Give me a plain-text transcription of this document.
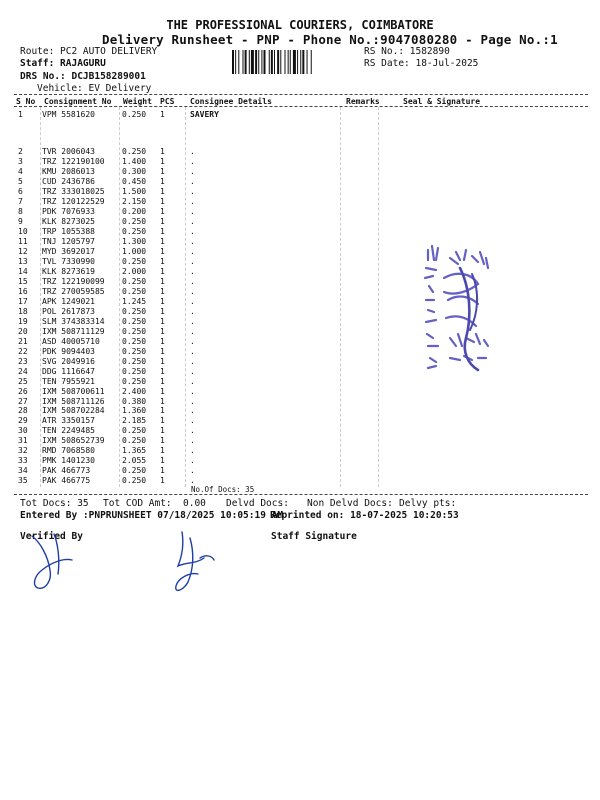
THE PROFESSIONAL COURIERS, COIMBATORE
Delivery Runsheet - PNP - Phone No.:9047080280 - Page No.:1
Route: PC2 AUTO DELIVERY
Staff: RAJAGURU
DRS No.: DCJB158289001
Vehicle: EV Delivery
RS No.: 1582890
RS Date: 18-Jul-2025
S No Consignment No Weight PCS Consignee Details	Remarks	Seal & Signature
1 VPM 5581620	0.250 1	SAVERY
2 TVR 2006043	0.250 1	.
3 TRZ 122190100 1.400 1	.
4 KMU 2086013	0.300 1	.
5 CUD 2436786	0.450 1	.
6 TRZ 333018025 1.500 1	.
7 TRZ 120122529 2.150 1	.
8 PDK 7076933	0.200 1	.
9 KLK 8273025	0.250 1	.
10 TRP 1055388	0.250 1	.
11 TNJ 1205797	1.300 1	.
12 MYD 3692017	1.000 1	.
13 TVL 7330990	0.250 1	.
14 KLK 8273619	2.000 1	.
15 TRZ 122190099 0.250 1	.
16 TRZ 270059585 0.250 1	.
17 APK 1249021	1.245 1	.
18 POL 2617873	0.250 1	.
19 SLM 374383314 0.250 1	.
20 IXM 508711129 0.250 1	.
21 ASD 40005710	0.250 1	.
22 PDK 9094403	0.250 1	.
23 SVG 2049916	0.250 1	.
24 DDG 1116647	0.250 1	.
25 TEN 7955921	0.250 1	.
26 IXM 508700611 2.400 1	.
27 IXM 508711126 0.380 1	.
28 IXM 508702284 1.360 1	.
29 ATR 3350157	2.185 1	.
30 TEN 2249485	0.250 1	.
31 IXM 508652739 0.250 1	.
32 RMD 7068580	1.365 1	.
33 PMK 1401230	2.055 1	.
34 PAK 466773	0.250 1	.
35 PAK 466775	0.250 1	.
No.Of Docs: 35
Tot Docs: 35 Tot COD Amt: 0.00 Delvd Docs: Non Delvd Docs: Delvy pts:
Entered By :PNPRUNSHEET 07/18/2025 10:05:19 AM
Reprinted on: 18-07-2025 10:20:53
Verified By	Staff Signature
